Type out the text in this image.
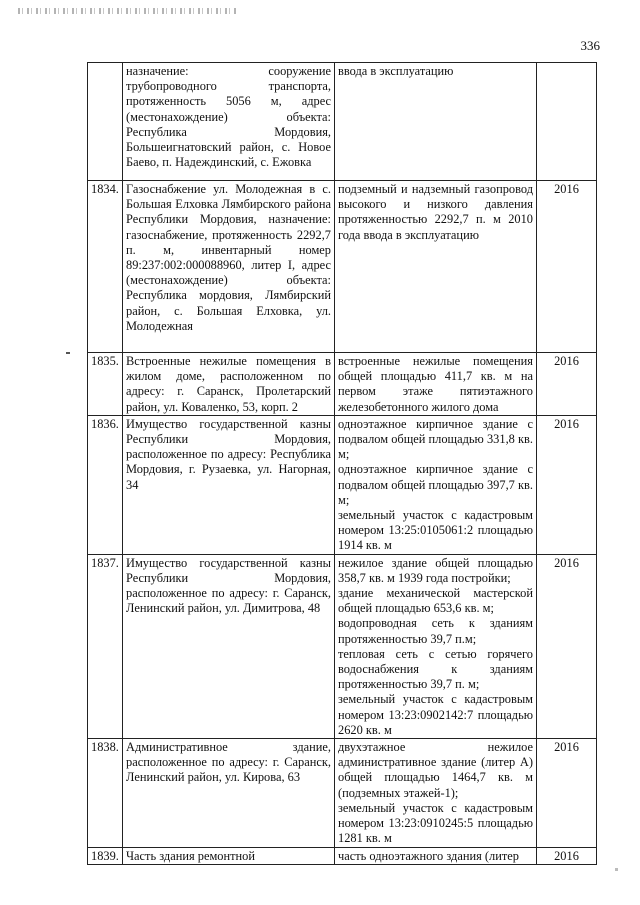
336
	назначение: сооружение трубопроводного транспорта, протяженность 5056 м, адрес (местонахождение) объекта: Республика Мордовия, Большеигнатовский район, с. Новое Баево, п. Надеждинский, с. Ежовка	ввода в эксплуатацию	

1834.	Газоснабжение ул. Молодежная в с. Большая Елховка Лямбирского района Республики Мордовия, назначение: газоснабжение, протяженность 2292,7 п. м, инвентарный номер 89:237:002:000088960, литер I, адрес (местонахождение) объекта: Республика мордовия, Лямбирский район, с. Большая Елховка, ул. Молодежная	подземный и надземный газопровод высокого и низкого давления протяженностью 2292,7 п. м 2010 года ввода в эксплуатацию	2016
1835.	Встроенные нежилые помещения в жилом доме, расположенном по адресу: г. Саранск, Пролетарский район, ул. Коваленко, 53, корп. 2	встроенные нежилые помещения общей площадью 411,7 кв. м на первом этаже пятиэтажного железобетонного жилого дома	2016
1836.	Имущество государственной казны Республики Мордовия, расположенное по адресу: Республика Мордовия, г. Рузаевка, ул. Нагорная, 34	одноэтажное кирпичное здание с подвалом общей площадью 331,8 кв. м;
одноэтажное кирпичное здание с подвалом общей площадью 397,7 кв. м;
земельный участок с кадастровым номером 13:25:0105061:2 площадью 1914 кв. м	2016
1837.	Имущество государственной казны Республики Мордовия, расположенное по адресу: г. Саранск, Ленинский район, ул. Димитрова, 48	нежилое здание общей площадью 358,7 кв. м 1939 года постройки;
здание механической мастерской общей площадью 653,6 кв. м;
водопроводная сеть к зданиям протяженностью 39,7 п.м;
тепловая сеть с сетью горячего водоснабжения к зданиям протяженностью 39,7 п. м;
земельный участок с кадастровым номером 13:23:0902142:7 площадью 2620 кв. м	2016
1838.	Административное здание, расположенное по адресу: г. Саранск, Ленинский район, ул. Кирова, 63	двухэтажное нежилое административное здание (литер А) общей площадью 1464,7 кв. м (подземных этажей-1);
земельный участок с кадастровым номером 13:23:0910245:5 площадью 1281 кв. м	2016
1839.	Часть здания ремонтной	часть одноэтажного здания (литер	2016
